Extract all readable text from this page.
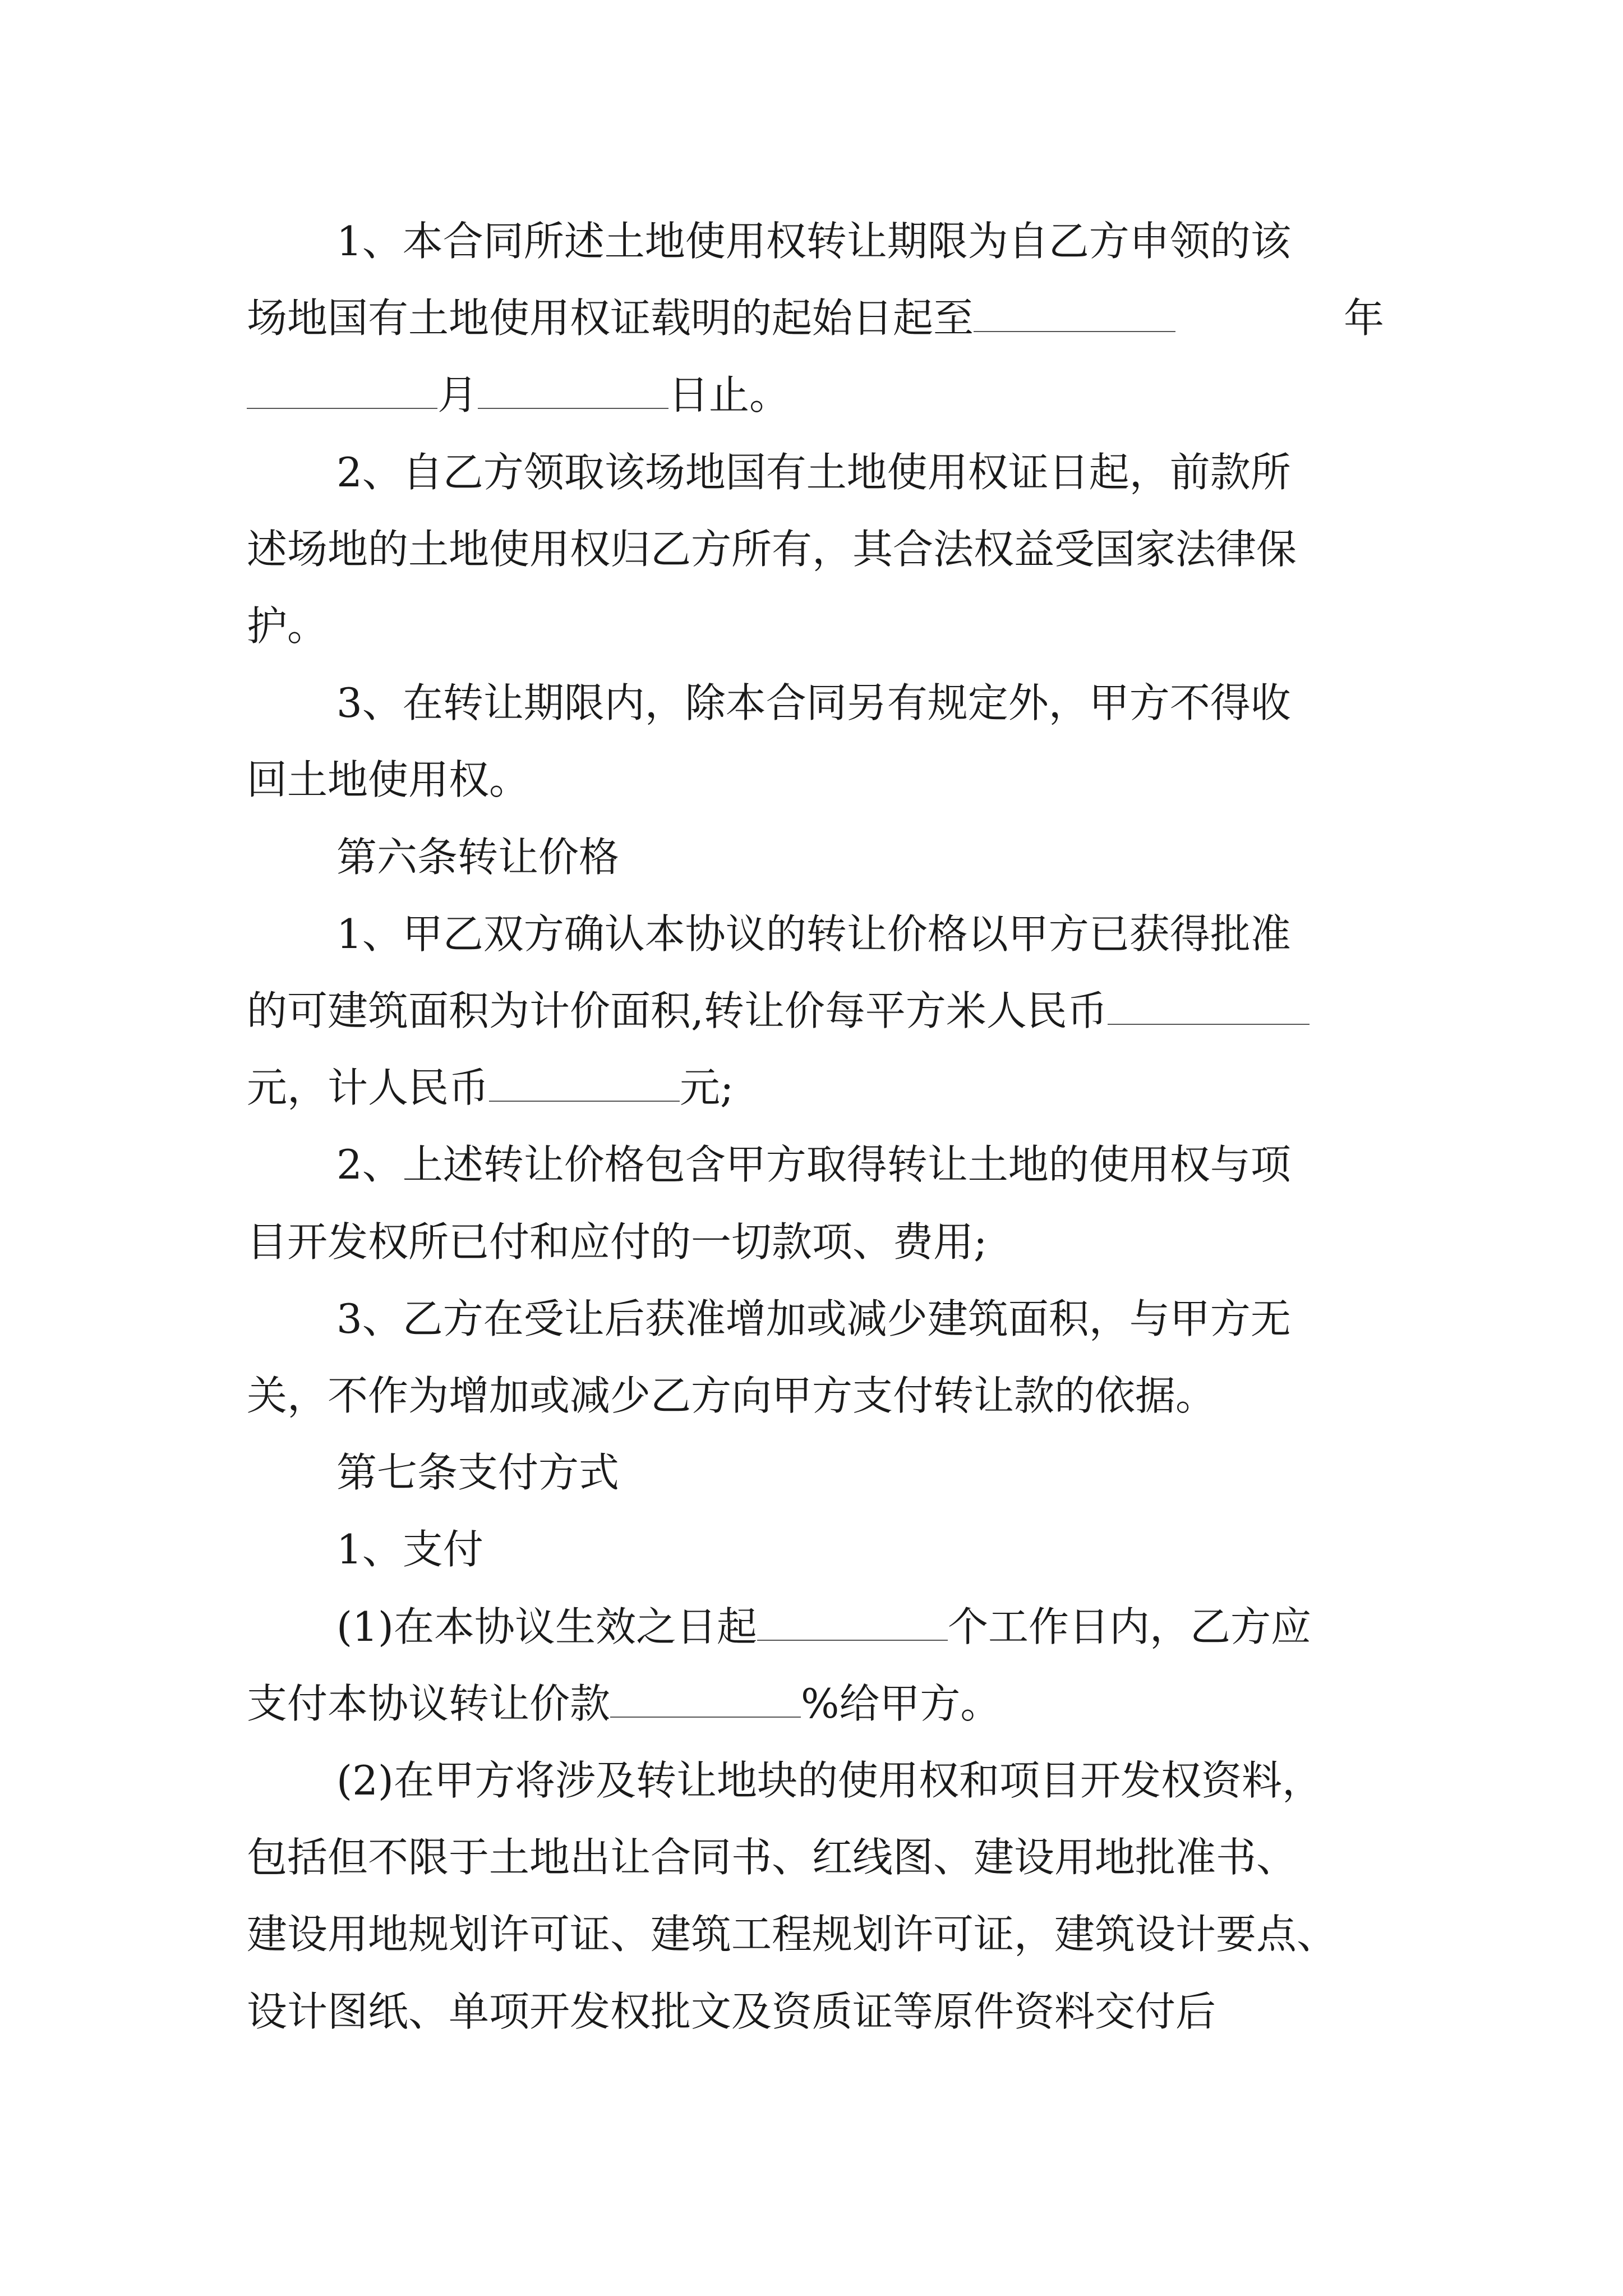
1、本合同所述土地使用权转让期限为自乙方申领的该
场地国有土地使用权证载明的起始日起至	年
月	日止。
2、自乙方领取该场地国有土地使用权证日起，前款所
述场地的土地使用权归乙方所有，其合法权益受国家法律保
护。
3、在转让期限内，除本合同另有规定外，甲方不得收
回土地使用权。
第六条转让价格
1、甲乙双方确认本协议的转让价格以甲方已获得批准
的可建筑面积为计价面积,转让价每平方米人民币
元，计人民币	元;
2、上述转让价格包含甲方取得转让土地的使用权与项
目开发权所已付和应付的一切款项、费用;
3、乙方在受让后获准增加或减少建筑面积，与甲方无
关，不作为增加或减少乙方向甲方支付转让款的依据。
第七条支付方式
1、支付
(1)在本协议生效之日起	个工作日内，乙方应
支付本协议转让价款	%给甲方。
(2)在甲方将涉及转让地块的使用权和项目开发权资料，
包括但不限于土地出让合同书、红线图、建设用地批准书、
建设用地规划许可证、建筑工程规划许可证，建筑设计要点、
设计图纸、单项开发权批文及资质证等原件资料交付后
